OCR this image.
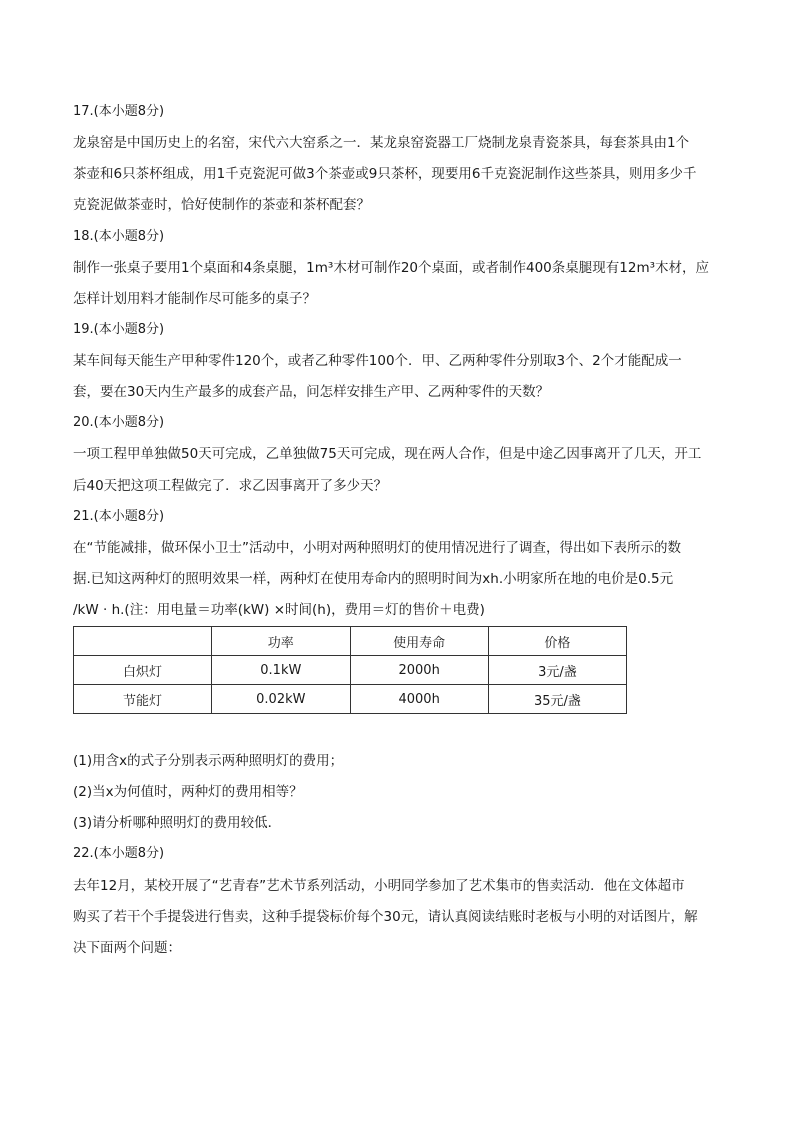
17.(本小题8分)
龙泉窑是中国历史上的名窑，宋代六大窑系之一．某龙泉窑瓷器工厂烧制龙泉青瓷茶具，每套茶具由1个
茶壶和6只茶杯组成，用1千克瓷泥可做3个茶壶或9只茶杯，现要用6千克瓷泥制作这些茶具，则用多少千
克瓷泥做茶壶时，恰好使制作的茶壶和茶杯配套？
18.(本小题8分)
制作一张桌子要用1个桌面和4条桌腿，1m³木材可制作20个桌面，或者制作400条桌腿现有12m³木材，应
怎样计划用料才能制作尽可能多的桌子？
19.(本小题8分)
某车间每天能生产甲种零件120个，或者乙种零件100个．甲、乙两种零件分别取3个、2个才能配成一
套，要在30天内生产最多的成套产品，问怎样安排生产甲、乙两种零件的天数？
20.(本小题8分)
一项工程甲单独做50天可完成，乙单独做75天可完成，现在两人合作，但是中途乙因事离开了几天，开工
后40天把这项工程做完了．求乙因事离开了多少天？
21.(本小题8分)
在“节能减排，做环保小卫士”活动中，小明对两种照明灯的使用情况进行了调查，得出如下表所示的数
据.已知这两种灯的照明效果一样，两种灯在使用寿命内的照明时间为xh.小明家所在地的电价是0.5元
/kW · h.(注：用电量＝功率(kW) ×时间(h)，费用＝灯的售价＋电费)
	功率	使用寿命	价格
白炽灯	0.1kW	2000h	3元/盏
节能灯	0.02kW	4000h	35元/盏
(1)用含x的式子分别表示两种照明灯的费用；
(2)当x为何值时，两种灯的费用相等？
(3)请分析哪种照明灯的费用较低．
22.(本小题8分)
去年12月，某校开展了“艺青春”艺术节系列活动，小明同学参加了艺术集市的售卖活动．他在文体超市
购买了若干个手提袋进行售卖，这种手提袋标价每个30元，请认真阅读结账时老板与小明的对话图片，解
决下面两个问题：
